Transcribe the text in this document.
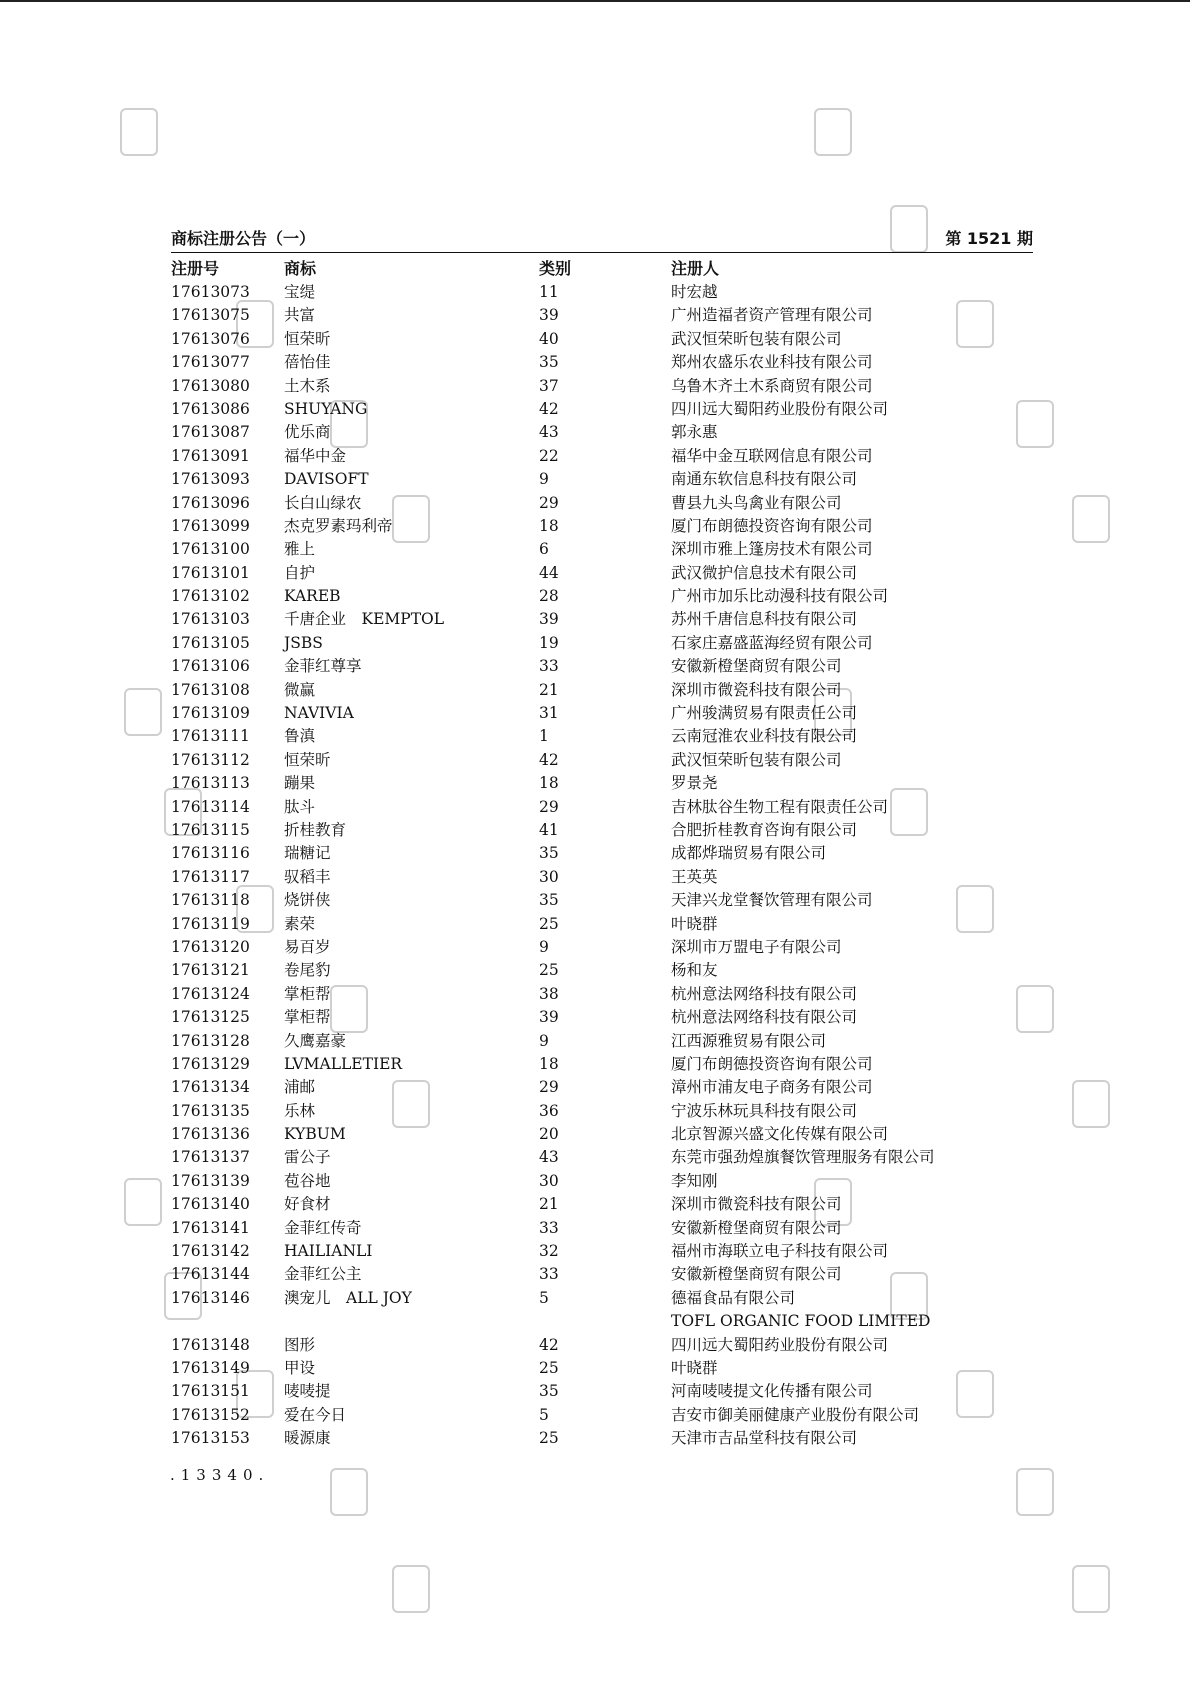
商标注册公告（一）	第 1521 期
注册号	商标	类别	注册人
17613073 宝缇	11	时宏越
17613075 共富	39	广州造福者资产管理有限公司
17613076 恒荣昕	40	武汉恒荣昕包装有限公司
17613077 蓓怡佳	35	郑州农盛乐农业科技有限公司
17613080 土木系	37	乌鲁木齐土木系商贸有限公司
17613086 SHUYANG	42	四川远大蜀阳药业股份有限公司
17613087 优乐商	43	郭永惠
17613091 福华中金	22	福华中金互联网信息有限公司
17613093 DAVISOFT	9	南通东软信息科技有限公司
17613096 长白山绿农	29	曹县九头鸟禽业有限公司
17613099 杰克罗素玛利帝	18	厦门布朗德投资咨询有限公司
17613100 雅上	6	深圳市雅上篷房技术有限公司
17613101 自护	44	武汉微护信息技术有限公司
17613102 KAREB	28	广州市加乐比动漫科技有限公司
17613103 千唐企业　KEMPTOL	39	苏州千唐信息科技有限公司
17613105 JSBS	19	石家庄嘉盛蓝海经贸有限公司
17613106 金菲红尊享	33	安徽新橙堡商贸有限公司
17613108 微赢	21	深圳市微瓷科技有限公司
17613109 NAVIVIA	31	广州骏满贸易有限责任公司
17613111 鲁滇	1	云南冠淮农业科技有限公司
17613112 恒荣昕	42	武汉恒荣昕包装有限公司
17613113 蹦果	18	罗景尧
17613114 肽斗	29	吉林肽谷生物工程有限责任公司
17613115 折桂教育	41	合肥折桂教育咨询有限公司
17613116 瑞糖记	35	成都烨瑞贸易有限公司
17613117 驭稻丰	30	王英英
17613118 烧饼侠	35	天津兴龙堂餐饮管理有限公司
17613119 素荣	25	叶晓群
17613120 易百岁	9	深圳市万盟电子有限公司
17613121 卷尾豹	25	杨和友
17613124 掌柜帮	38	杭州意法网络科技有限公司
17613125 掌柜帮	39	杭州意法网络科技有限公司
17613128 久鹰嘉豪	9	江西源雅贸易有限公司
17613129 LVMALLETIER	18	厦门布朗德投资咨询有限公司
17613134 浦邮	29	漳州市浦友电子商务有限公司
17613135 乐林	36	宁波乐林玩具科技有限公司
17613136 KYBUM	20	北京智源兴盛文化传媒有限公司
17613137 雷公子	43	东莞市强劲煌旗餐饮管理服务有限公司
17613139 苞谷地	30	李知刚
17613140 好食材	21	深圳市微瓷科技有限公司
17613141 金菲红传奇	33	安徽新橙堡商贸有限公司
17613142 HAILIANLI	32	福州市海联立电子科技有限公司
17613144 金菲红公主	33	安徽新橙堡商贸有限公司
17613146 澳宠儿　ALL JOY	5	德福食品有限公司
TOFL ORGANIC FOOD LIMITED
17613148 图形	42	四川远大蜀阳药业股份有限公司
17613149 甲设	25	叶晓群
17613151 唛唛提	35	河南唛唛提文化传播有限公司
17613152 爱在今日	5	吉安市御美丽健康产业股份有限公司
17613153 暖源康	25	天津市吉品堂科技有限公司
.13340.
